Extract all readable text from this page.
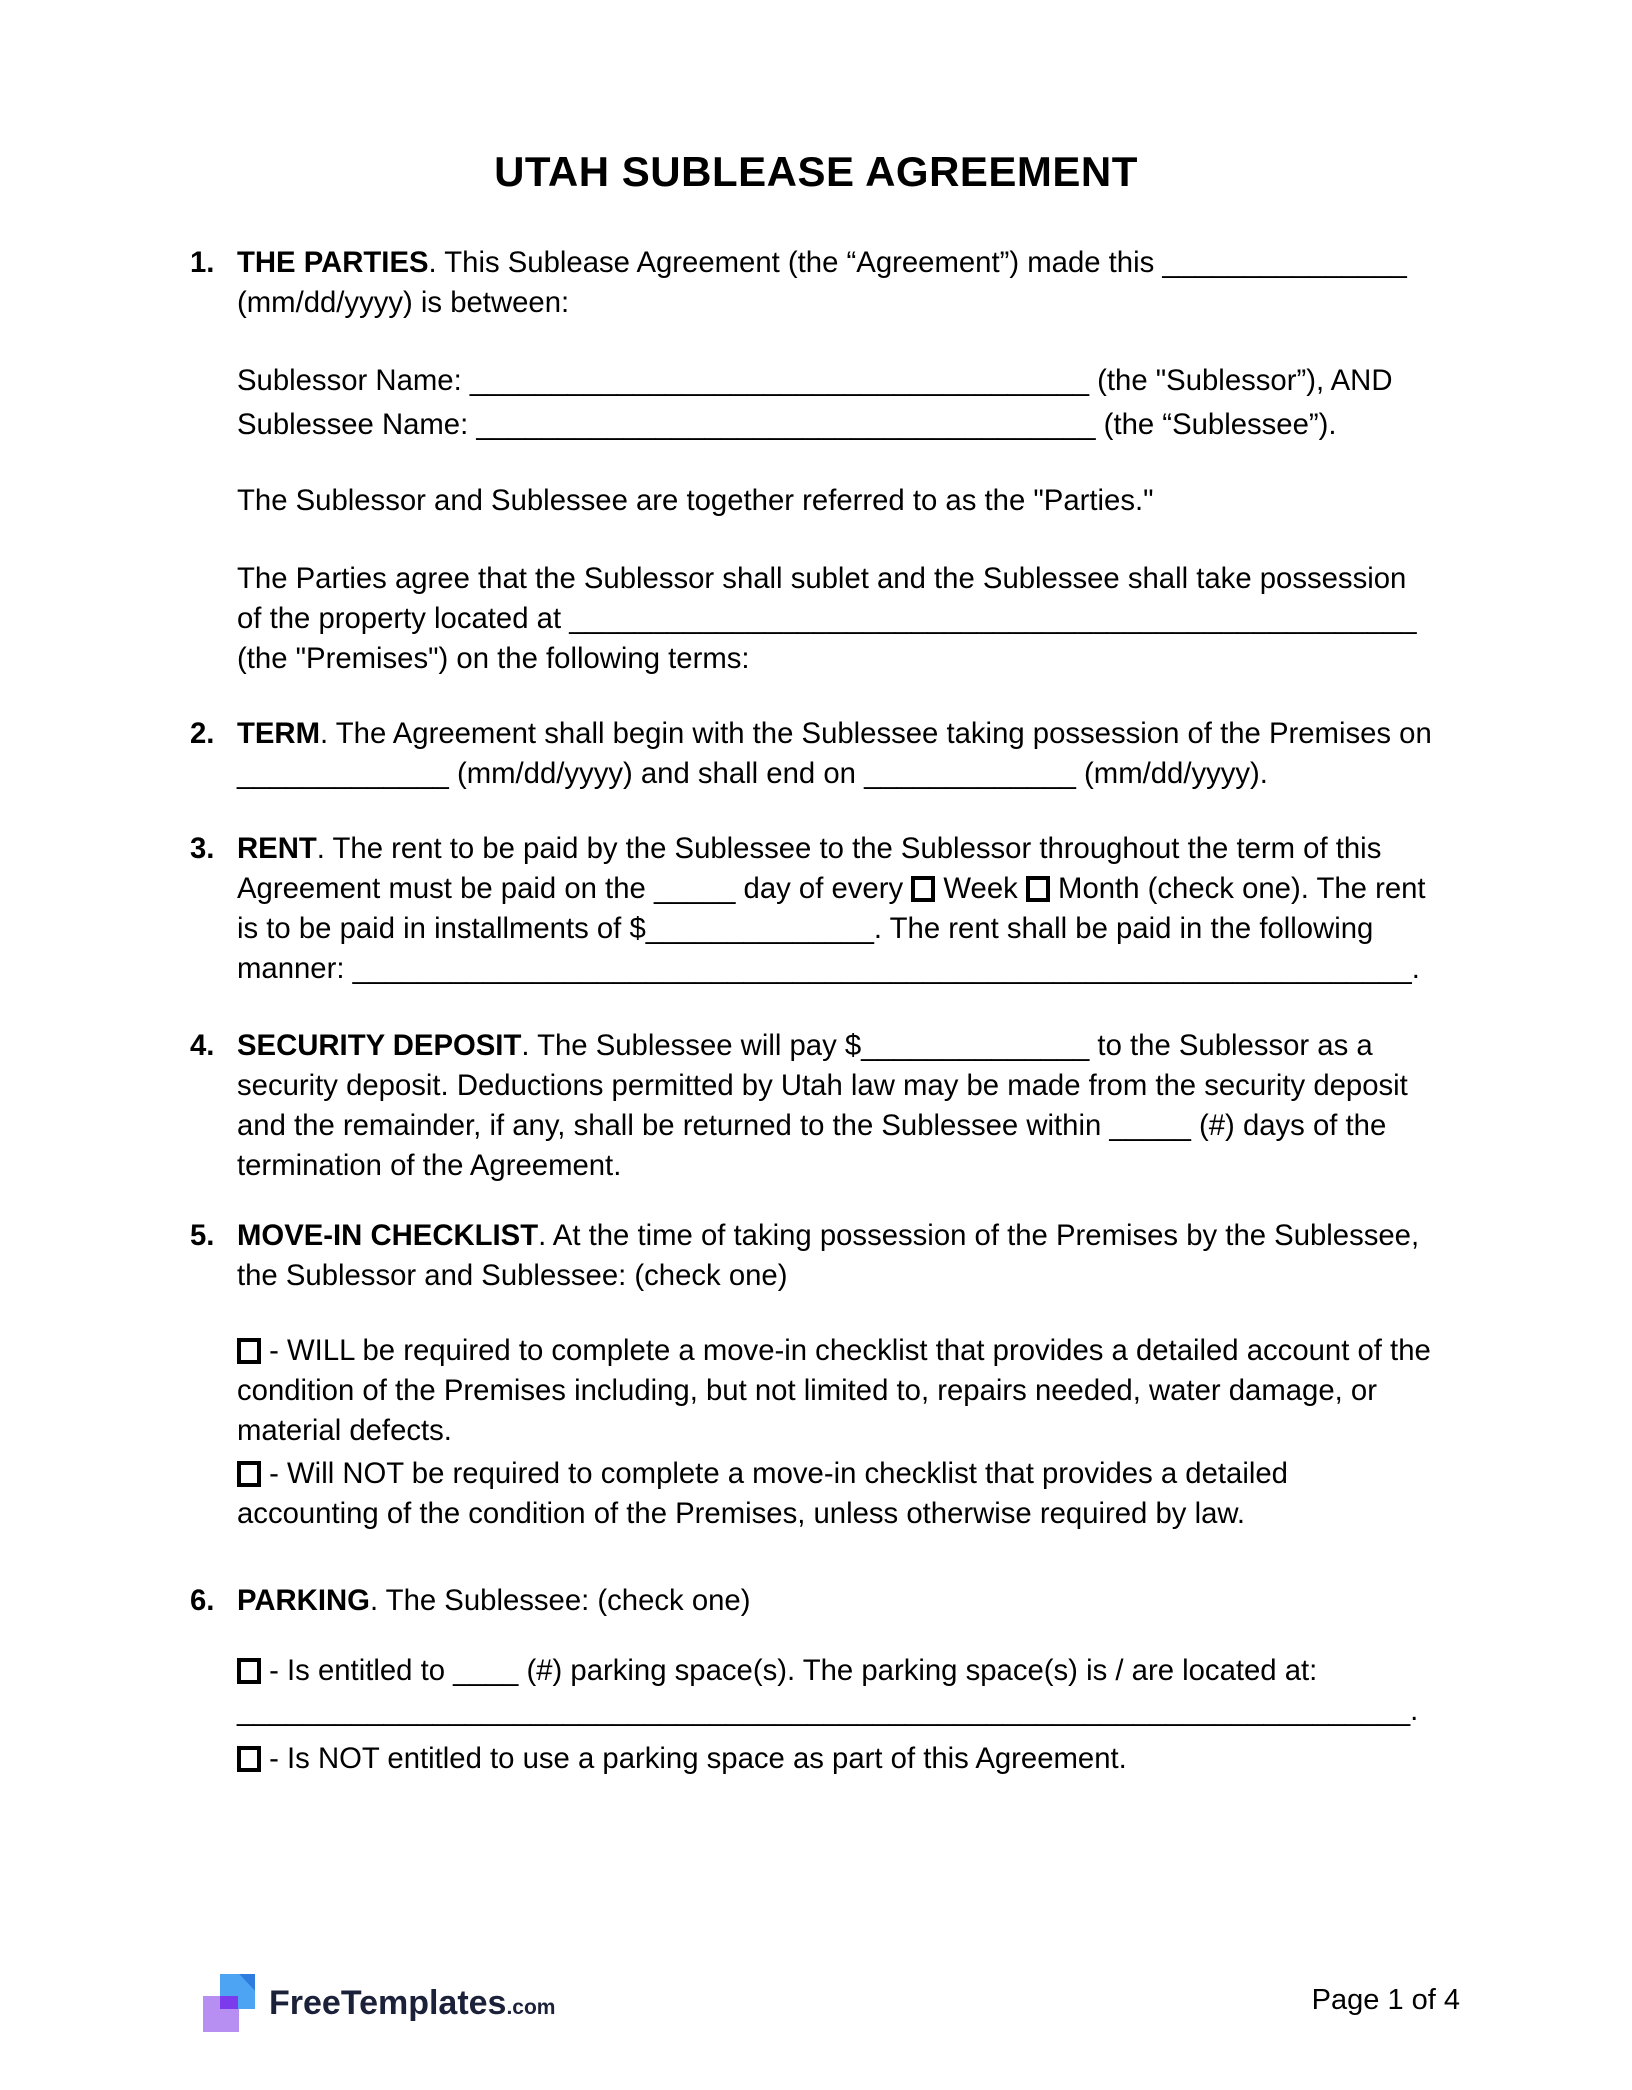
UTAH SUBLEASE AGREEMENT
1. THE PARTIES. This Sublease Agreement (the “Agreement”) made this _______________ (mm/dd/yyyy) is between:

Sublessor Name: ______________________________________ (the "Sublessor”), AND

Sublessee Name: ______________________________________ (the “Sublessee”).

The Sublessor and Sublessee are together referred to as the "Parties."

The Parties agree that the Sublessor shall sublet and the Sublessee shall take possession of the property located at ____________________________________________________ (the "Premises") on the following terms:

2. TERM. The Agreement shall begin with the Sublessee taking possession of the Premises on _____________ (mm/dd/yyyy) and shall end on _____________ (mm/dd/yyyy).

3. RENT. The rent to be paid by the Sublessee to the Sublessor throughout the term of this Agreement must be paid on the _____ day of every  Week  Month (check one). The rent is to be paid in installments of $______________. The rent shall be paid in the following manner: _________________________________________________________________.

4. SECURITY DEPOSIT. The Sublessee will pay $______________ to the Sublessor as a security deposit. Deductions permitted by Utah law may be made from the security deposit and the remainder, if any, shall be returned to the Sublessee within _____ (#) days of the termination of the Agreement.

5. MOVE-IN CHECKLIST. At the time of taking possession of the Premises by the Sublessee, the Sublessor and Sublessee: (check one)

- WILL be required to complete a move-in checklist that provides a detailed account of the condition of the Premises including, but not limited to, repairs needed, water damage, or material defects.

- Will NOT be required to complete a move-in checklist that provides a detailed accounting of the condition of the Premises, unless otherwise required by law.

6. PARKING. The Sublessee: (check one)

- Is entitled to ____ (#) parking space(s). The parking space(s) is / are located at: ________________________________________________________________________.

- Is NOT entitled to use a parking space as part of this Agreement.

FreeTemplates.com	Page 1 of 4
